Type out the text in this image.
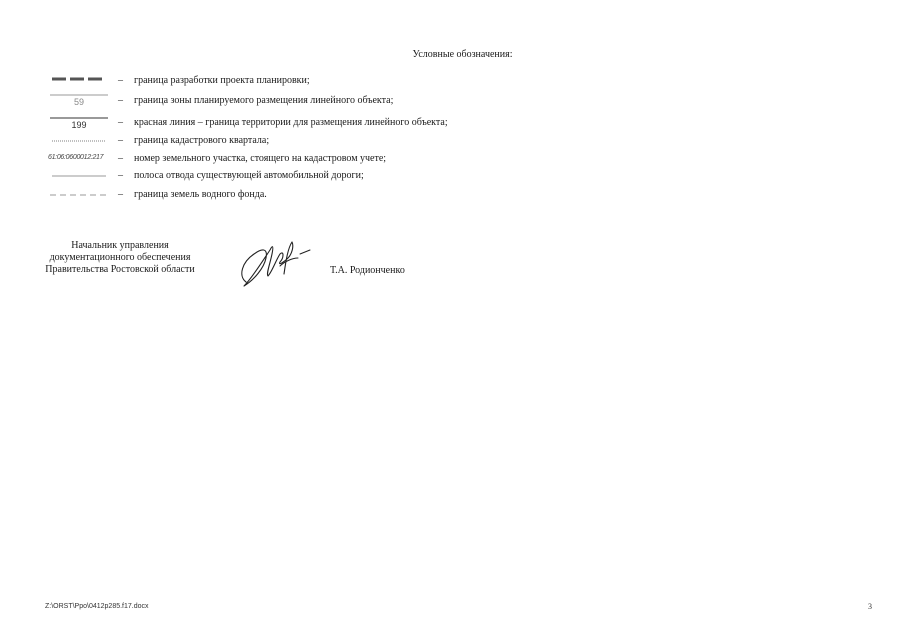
Условные обозначения:
– граница разработки проекта планировки;
59	– граница зоны планируемого размещения линейного объекта;
199	– красная линия – граница территории для размещения линейного объекта;
– граница кадастрового квартала;
61:06:0600012:217 – номер земельного участка, стоящего на кадастровом учете;
– полоса отвода существующей автомобильной дороги;
– граница земель водного фонда.
Начальник управления
документационного обеспечения
Правительства Ростовской области	Т.А. Родионченко
Z:\ORST\Ppo\0412p285.f17.docx	3
